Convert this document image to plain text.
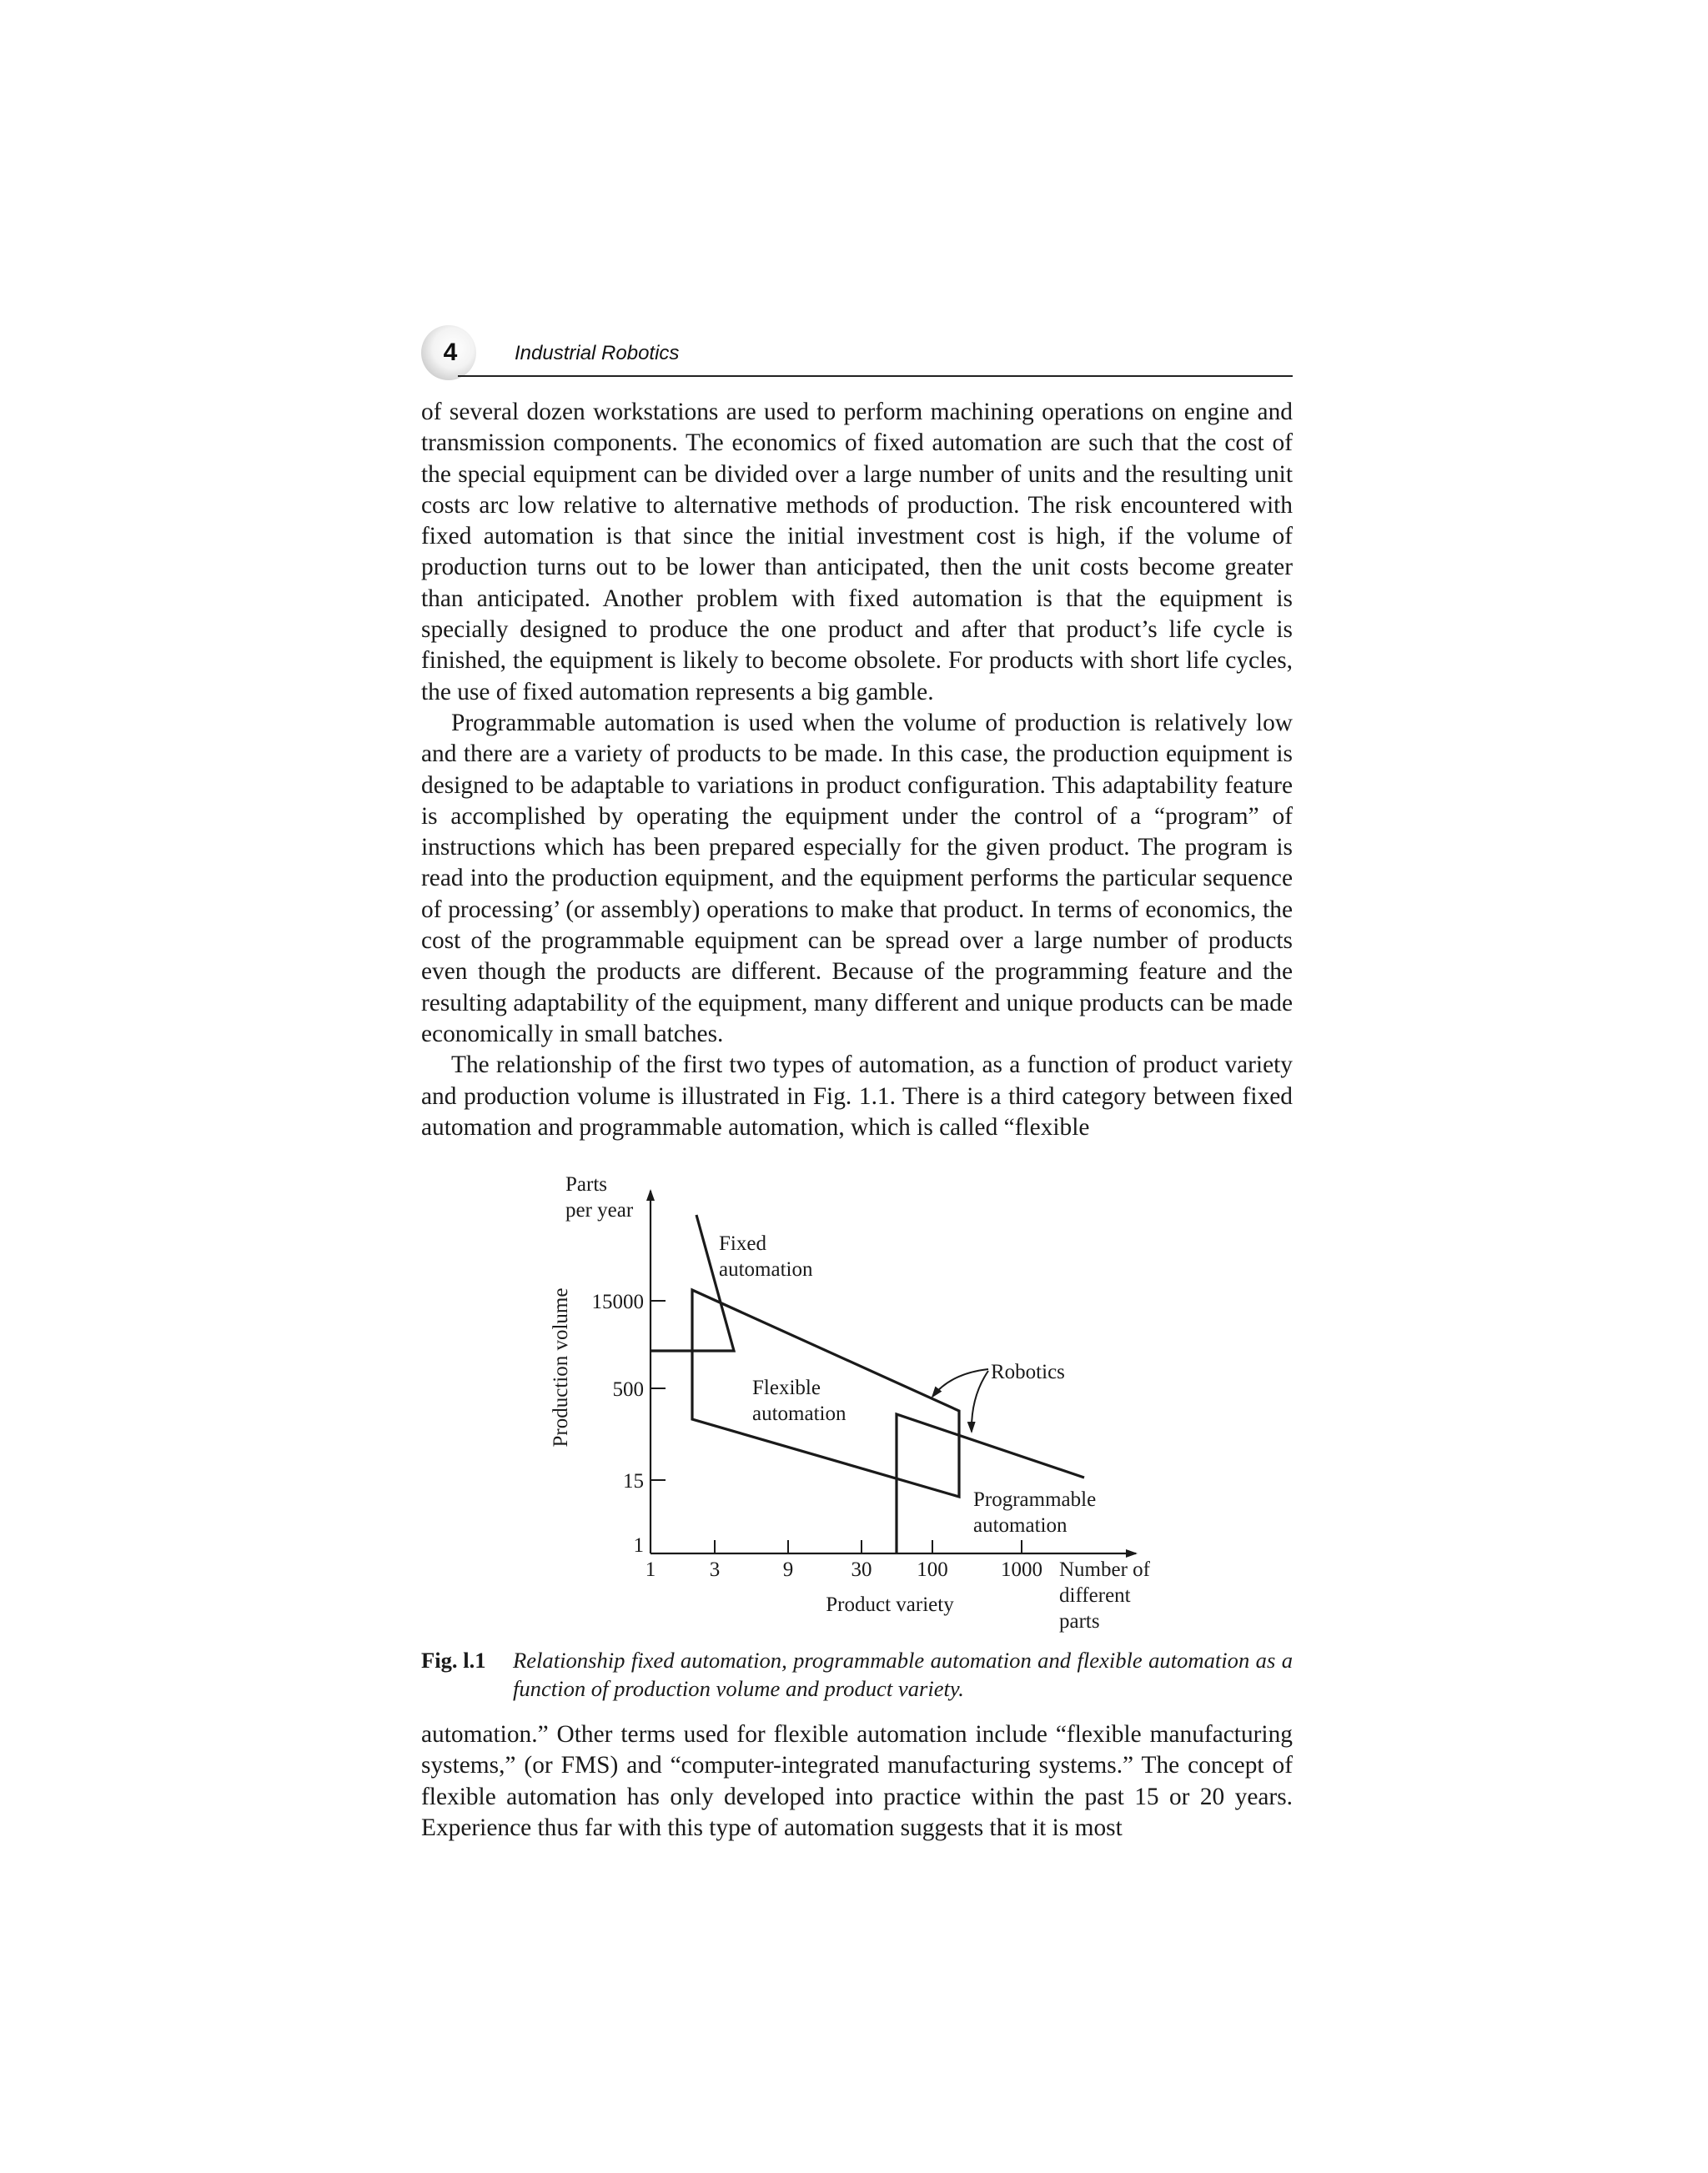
4	Industrial Robotics

of several dozen workstations are used to perform machining operations on engine and transmission components. The economics of fixed automation are such that the cost of the special equipment can be divided over a large number of units and the resulting unit costs arc low relative to alternative methods of production. The risk encountered with fixed automation is that since the initial investment cost is high, if the volume of production turns out to be lower than anticipated, then the unit costs become greater than anticipated. Another problem with fixed automation is that the equipment is specially designed to produce the one product and after that product’s life cycle is finished, the equipment is likely to become obsolete. For products with short life cycles, the use of fixed automation represents a big gamble.

Programmable automation is used when the volume of production is relatively low and there are a variety of products to be made. In this case, the production equipment is designed to be adaptable to variations in product configuration. This adaptability feature is accomplished by operating the equipment under the control of a “program” of instructions which has been prepared especially for the given product. The program is read into the production equipment, and the equipment performs the particular sequence of processing’ (or assembly) operations to make that product. In terms of economics, the cost of the programmable equipment can be spread over a large number of products even though the products are different. Because of the programming feature and the resulting adaptability of the equipment, many different and unique products can be made economically in small batches.

The relationship of the first two types of automation, as a function of product variety and production volume is illustrated in Fig. 1.1. There is a third category between fixed automation and programmable automation, which is called “flexible

15000
500
15
1
1	3	9	30 100	1000
Parts
per year
Production volume
Number of
different
parts
Product variety
Fixed automation
Flexible automation
Robotics
Programmable automation
Fig. l.1 Relationship fixed automation, programmable automation and flexible automation as a function of production volume and product variety.

automation.” Other terms used for flexible automation include “flexible manufacturing systems,” (or FMS) and “computer-integrated manufacturing systems.” The concept of flexible automation has only developed into practice within the past 15 or 20 years. Experience thus far with this type of automation suggests that it is most
